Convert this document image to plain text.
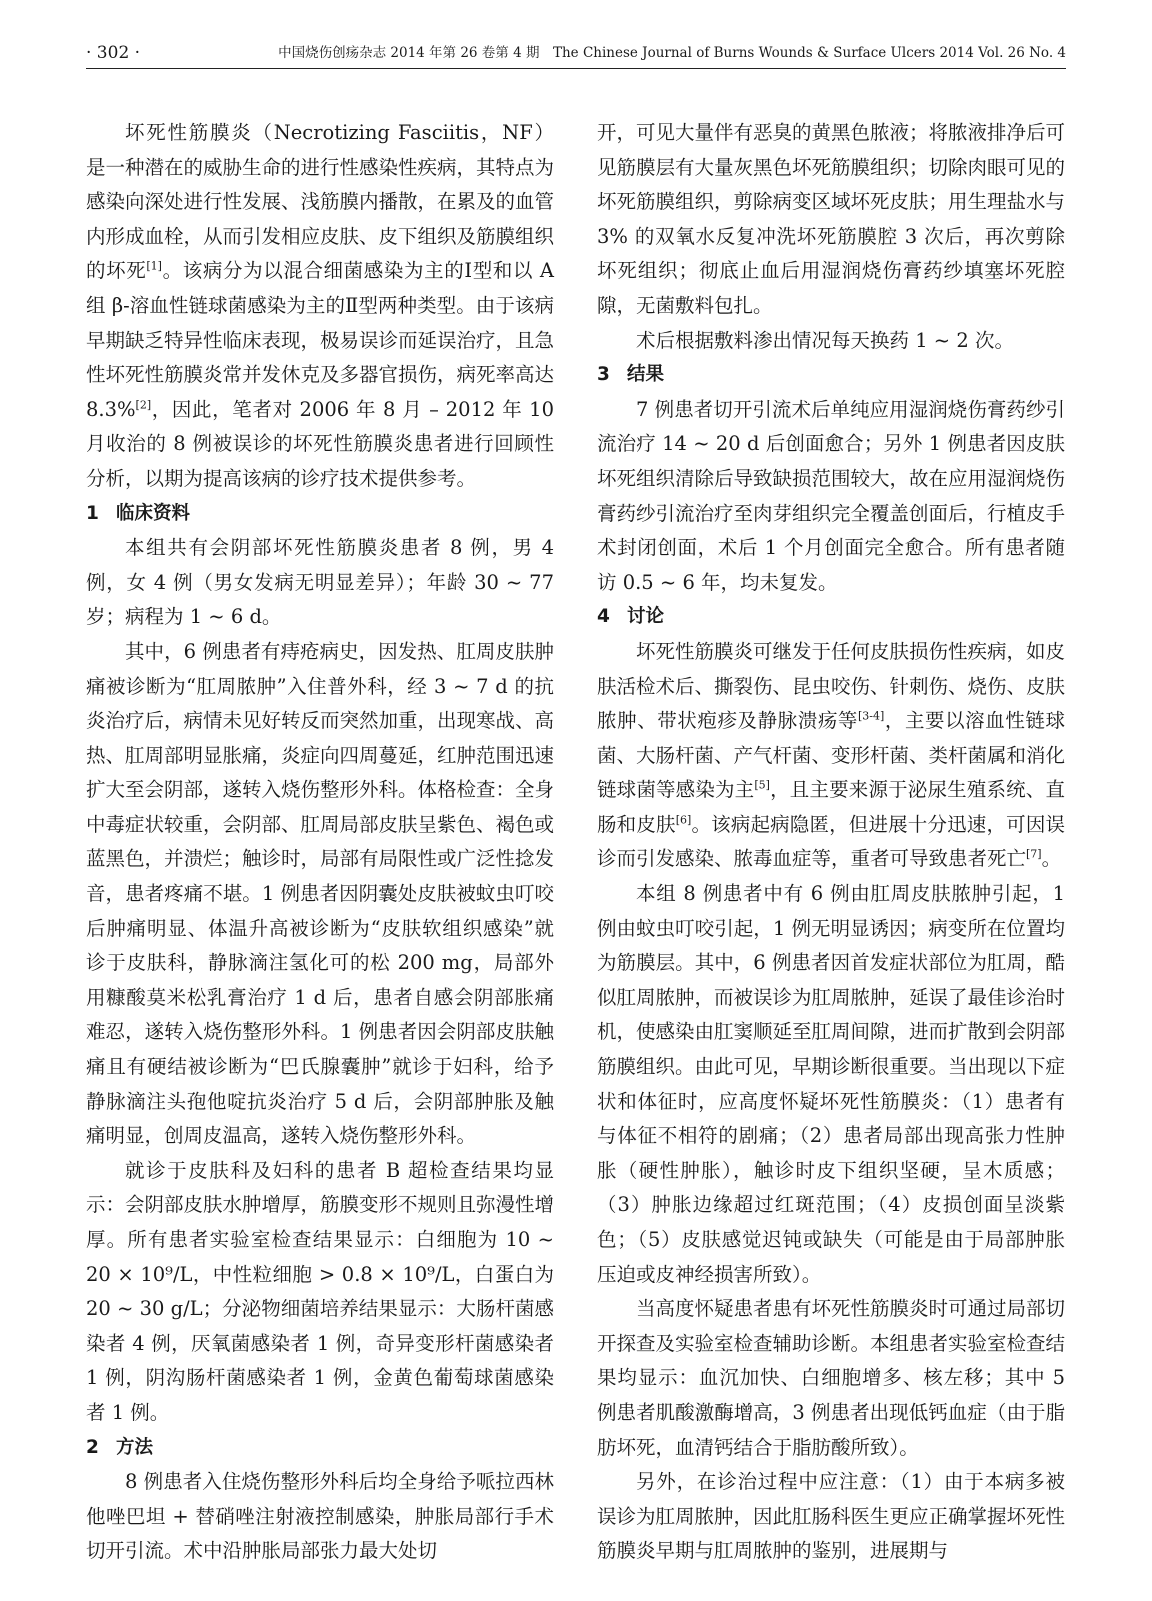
· 302 ·	中国烧伤创疡杂志 2014 年第 26 卷第 4 期　The Chinese Journal of Burns Wounds & Surface Ulcers 2014 Vol. 26 No. 4

坏死性筋膜炎（Necrotizing Fasciitis，NF）是一种潜在的威胁生命的进行性感染性疾病，其特点为感染向深处进行性发展、浅筋膜内播散，在累及的血管内形成血栓，从而引发相应皮肤、皮下组织及筋膜组织的坏死[1]。该病分为以混合细菌感染为主的Ⅰ型和以 A 组 β-溶血性链球菌感染为主的Ⅱ型两种类型。由于该病早期缺乏特异性临床表现，极易误诊而延误治疗，且急性坏死性筋膜炎常并发休克及多器官损伤，病死率高达 8.3%[2]，因此，笔者对 2006 年 8 月 – 2012 年 10 月收治的 8 例被误诊的坏死性筋膜炎患者进行回顾性分析，以期为提高该病的诊疗技术提供参考。

1 临床资料

本组共有会阴部坏死性筋膜炎患者 8 例，男 4 例，女 4 例（男女发病无明显差异）；年龄 30 ~ 77 岁；病程为 1 ~ 6 d。

其中，6 例患者有痔疮病史，因发热、肛周皮肤肿痛被诊断为“肛周脓肿”入住普外科，经 3 ~ 7 d 的抗炎治疗后，病情未见好转反而突然加重，出现寒战、高热、肛周部明显胀痛，炎症向四周蔓延，红肿范围迅速扩大至会阴部，遂转入烧伤整形外科。体格检查：全身中毒症状较重，会阴部、肛周局部皮肤呈紫色、褐色或蓝黑色，并溃烂；触诊时，局部有局限性或广泛性捻发音，患者疼痛不堪。1 例患者因阴囊处皮肤被蚊虫叮咬后肿痛明显、体温升高被诊断为“皮肤软组织感染”就诊于皮肤科，静脉滴注氢化可的松 200 mg，局部外用糠酸莫米松乳膏治疗 1 d 后，患者自感会阴部胀痛难忍，遂转入烧伤整形外科。1 例患者因会阴部皮肤触痛且有硬结被诊断为“巴氏腺囊肿”就诊于妇科，给予静脉滴注头孢他啶抗炎治疗 5 d 后，会阴部肿胀及触痛明显，创周皮温高，遂转入烧伤整形外科。

就诊于皮肤科及妇科的患者 B 超检查结果均显示：会阴部皮肤水肿增厚，筋膜变形不规则且弥漫性增厚。所有患者实验室检查结果显示：白细胞为 10 ~ 20 × 10⁹/L，中性粒细胞 > 0.8 × 10⁹/L，白蛋白为 20 ~ 30 g/L；分泌物细菌培养结果显示：大肠杆菌感染者 4 例，厌氧菌感染者 1 例，奇异变形杆菌感染者 1 例，阴沟肠杆菌感染者 1 例，金黄色葡萄球菌感染者 1 例。

2 方法

8 例患者入住烧伤整形外科后均全身给予哌拉西林他唑巴坦 + 替硝唑注射液控制感染，肿胀局部行手术切开引流。术中沿肿胀局部张力最大处切

开，可见大量伴有恶臭的黄黑色脓液；将脓液排净后可见筋膜层有大量灰黑色坏死筋膜组织；切除肉眼可见的坏死筋膜组织，剪除病变区域坏死皮肤；用生理盐水与 3% 的双氧水反复冲洗坏死筋膜腔 3 次后，再次剪除坏死组织；彻底止血后用湿润烧伤膏药纱填塞坏死腔隙，无菌敷料包扎。

术后根据敷料渗出情况每天换药 1 ~ 2 次。

3 结果

7 例患者切开引流术后单纯应用湿润烧伤膏药纱引流治疗 14 ~ 20 d 后创面愈合；另外 1 例患者因皮肤坏死组织清除后导致缺损范围较大，故在应用湿润烧伤膏药纱引流治疗至肉芽组织完全覆盖创面后，行植皮手术封闭创面，术后 1 个月创面完全愈合。所有患者随访 0.5 ~ 6 年，均未复发。

4 讨论

坏死性筋膜炎可继发于任何皮肤损伤性疾病，如皮肤活检术后、撕裂伤、昆虫咬伤、针刺伤、烧伤、皮肤脓肿、带状疱疹及静脉溃疡等[3-4]，主要以溶血性链球菌、大肠杆菌、产气杆菌、变形杆菌、类杆菌属和消化链球菌等感染为主[5]，且主要来源于泌尿生殖系统、直肠和皮肤[6]。该病起病隐匿，但进展十分迅速，可因误诊而引发感染、脓毒血症等，重者可导致患者死亡[7]。

本组 8 例患者中有 6 例由肛周皮肤脓肿引起，1 例由蚊虫叮咬引起，1 例无明显诱因；病变所在位置均为筋膜层。其中，6 例患者因首发症状部位为肛周，酷似肛周脓肿，而被误诊为肛周脓肿，延误了最佳诊治时机，使感染由肛窦顺延至肛周间隙，进而扩散到会阴部筋膜组织。由此可见，早期诊断很重要。当出现以下症状和体征时，应高度怀疑坏死性筋膜炎：（1）患者有与体征不相符的剧痛；（2）患者局部出现高张力性肿胀（硬性肿胀），触诊时皮下组织坚硬，呈木质感；（3）肿胀边缘超过红斑范围；（4）皮损创面呈淡紫色；（5）皮肤感觉迟钝或缺失（可能是由于局部肿胀压迫或皮神经损害所致）。

当高度怀疑患者患有坏死性筋膜炎时可通过局部切开探查及实验室检查辅助诊断。本组患者实验室检查结果均显示：血沉加快、白细胞增多、核左移；其中 5 例患者肌酸激酶增高，3 例患者出现低钙血症（由于脂肪坏死，血清钙结合于脂肪酸所致）。

另外，在诊治过程中应注意：（1）由于本病多被误诊为肛周脓肿，因此肛肠科医生更应正确掌握坏死性筋膜炎早期与肛周脓肿的鉴别，进展期与
